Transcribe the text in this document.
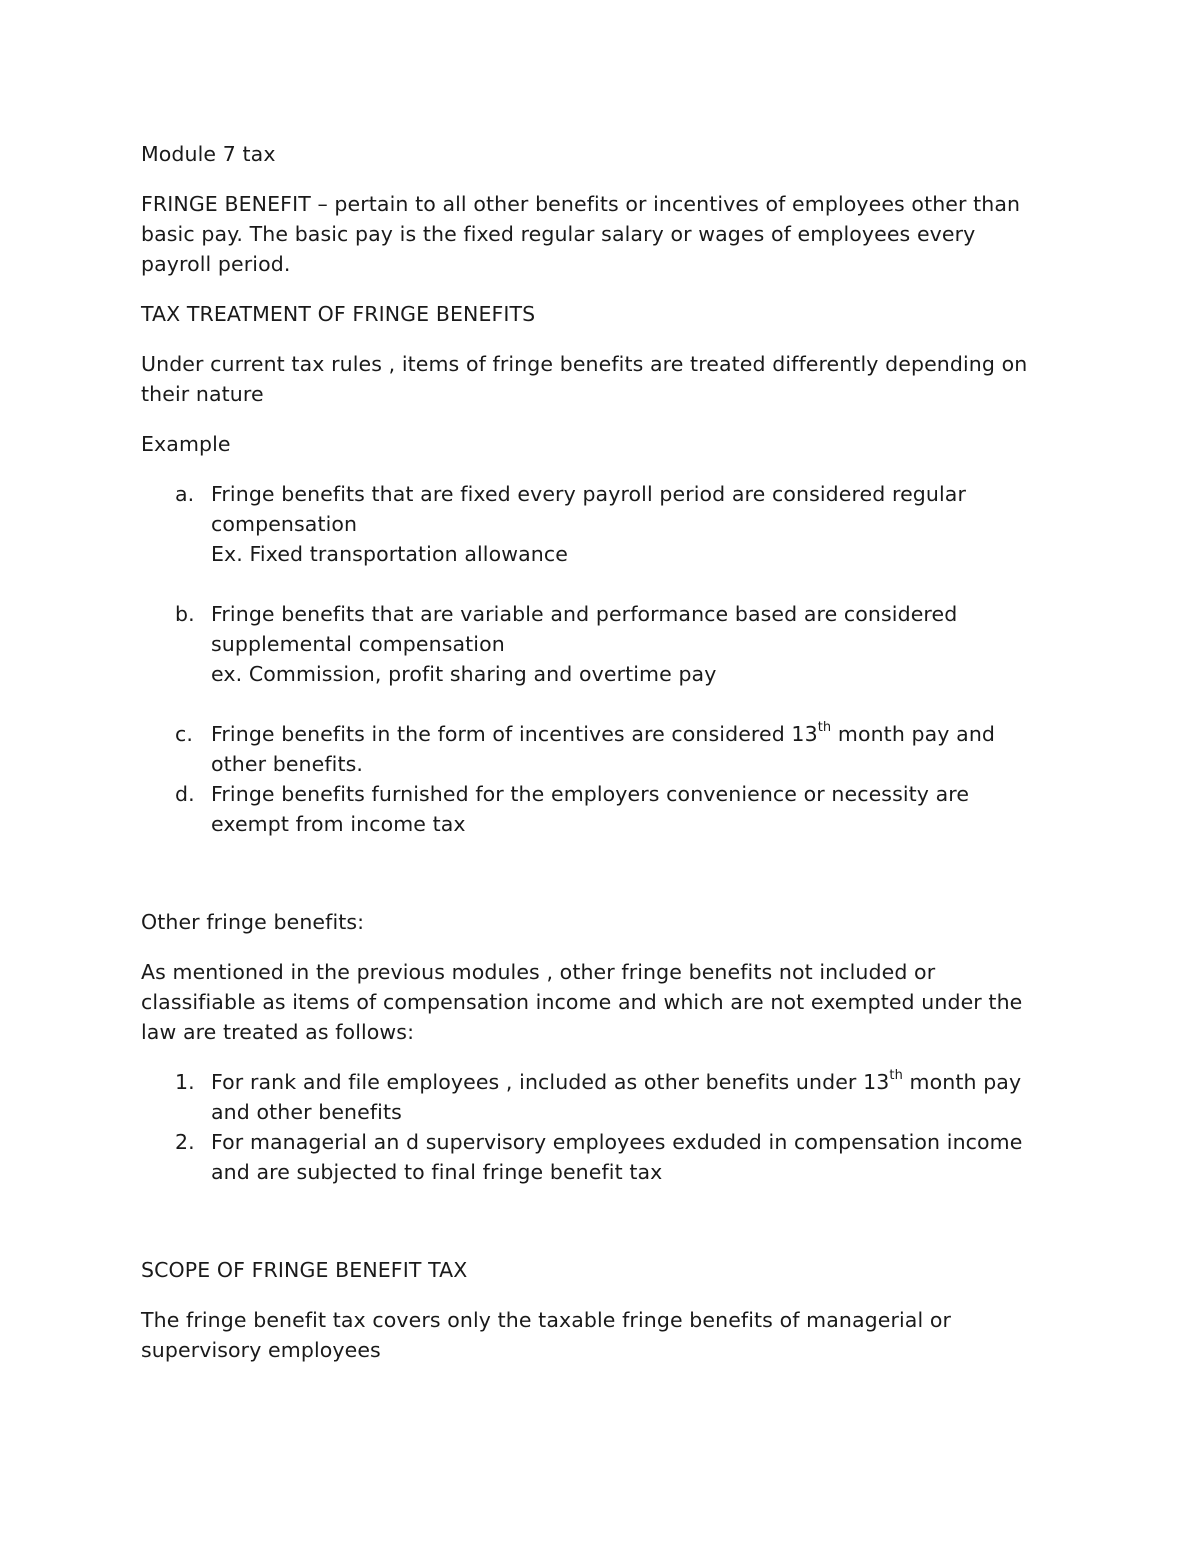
Module 7 tax

FRINGE BENEFIT – pertain to all other benefits or incentives of employees other than basic pay. The basic pay is the fixed regular salary or wages of employees every payroll period.

TAX TREATMENT OF FRINGE BENEFITS

Under current tax rules , items of fringe benefits are treated differently depending on their nature

Example

a. Fringe benefits that are fixed every payroll period are considered regular compensation
Ex. Fixed transportation allowance
b. Fringe benefits that are variable and performance based are considered supplemental compensation
ex. Commission, profit sharing and overtime pay
c. Fringe benefits in the form of incentives are considered 13th month pay and other benefits.
d. Fringe benefits furnished for the employers convenience or necessity are exempt from income tax

Other fringe benefits:

As mentioned in the previous modules , other fringe benefits not included or classifiable as items of compensation income and which are not exempted under the law are treated as follows:

1. For rank and file employees , included as other benefits under 13th month pay and other benefits
2. For managerial an d supervisory employees exduded in compensation income and are subjected to final fringe benefit tax

SCOPE OF FRINGE BENEFIT TAX

The fringe benefit tax covers only the taxable fringe benefits of managerial or supervisory employees
